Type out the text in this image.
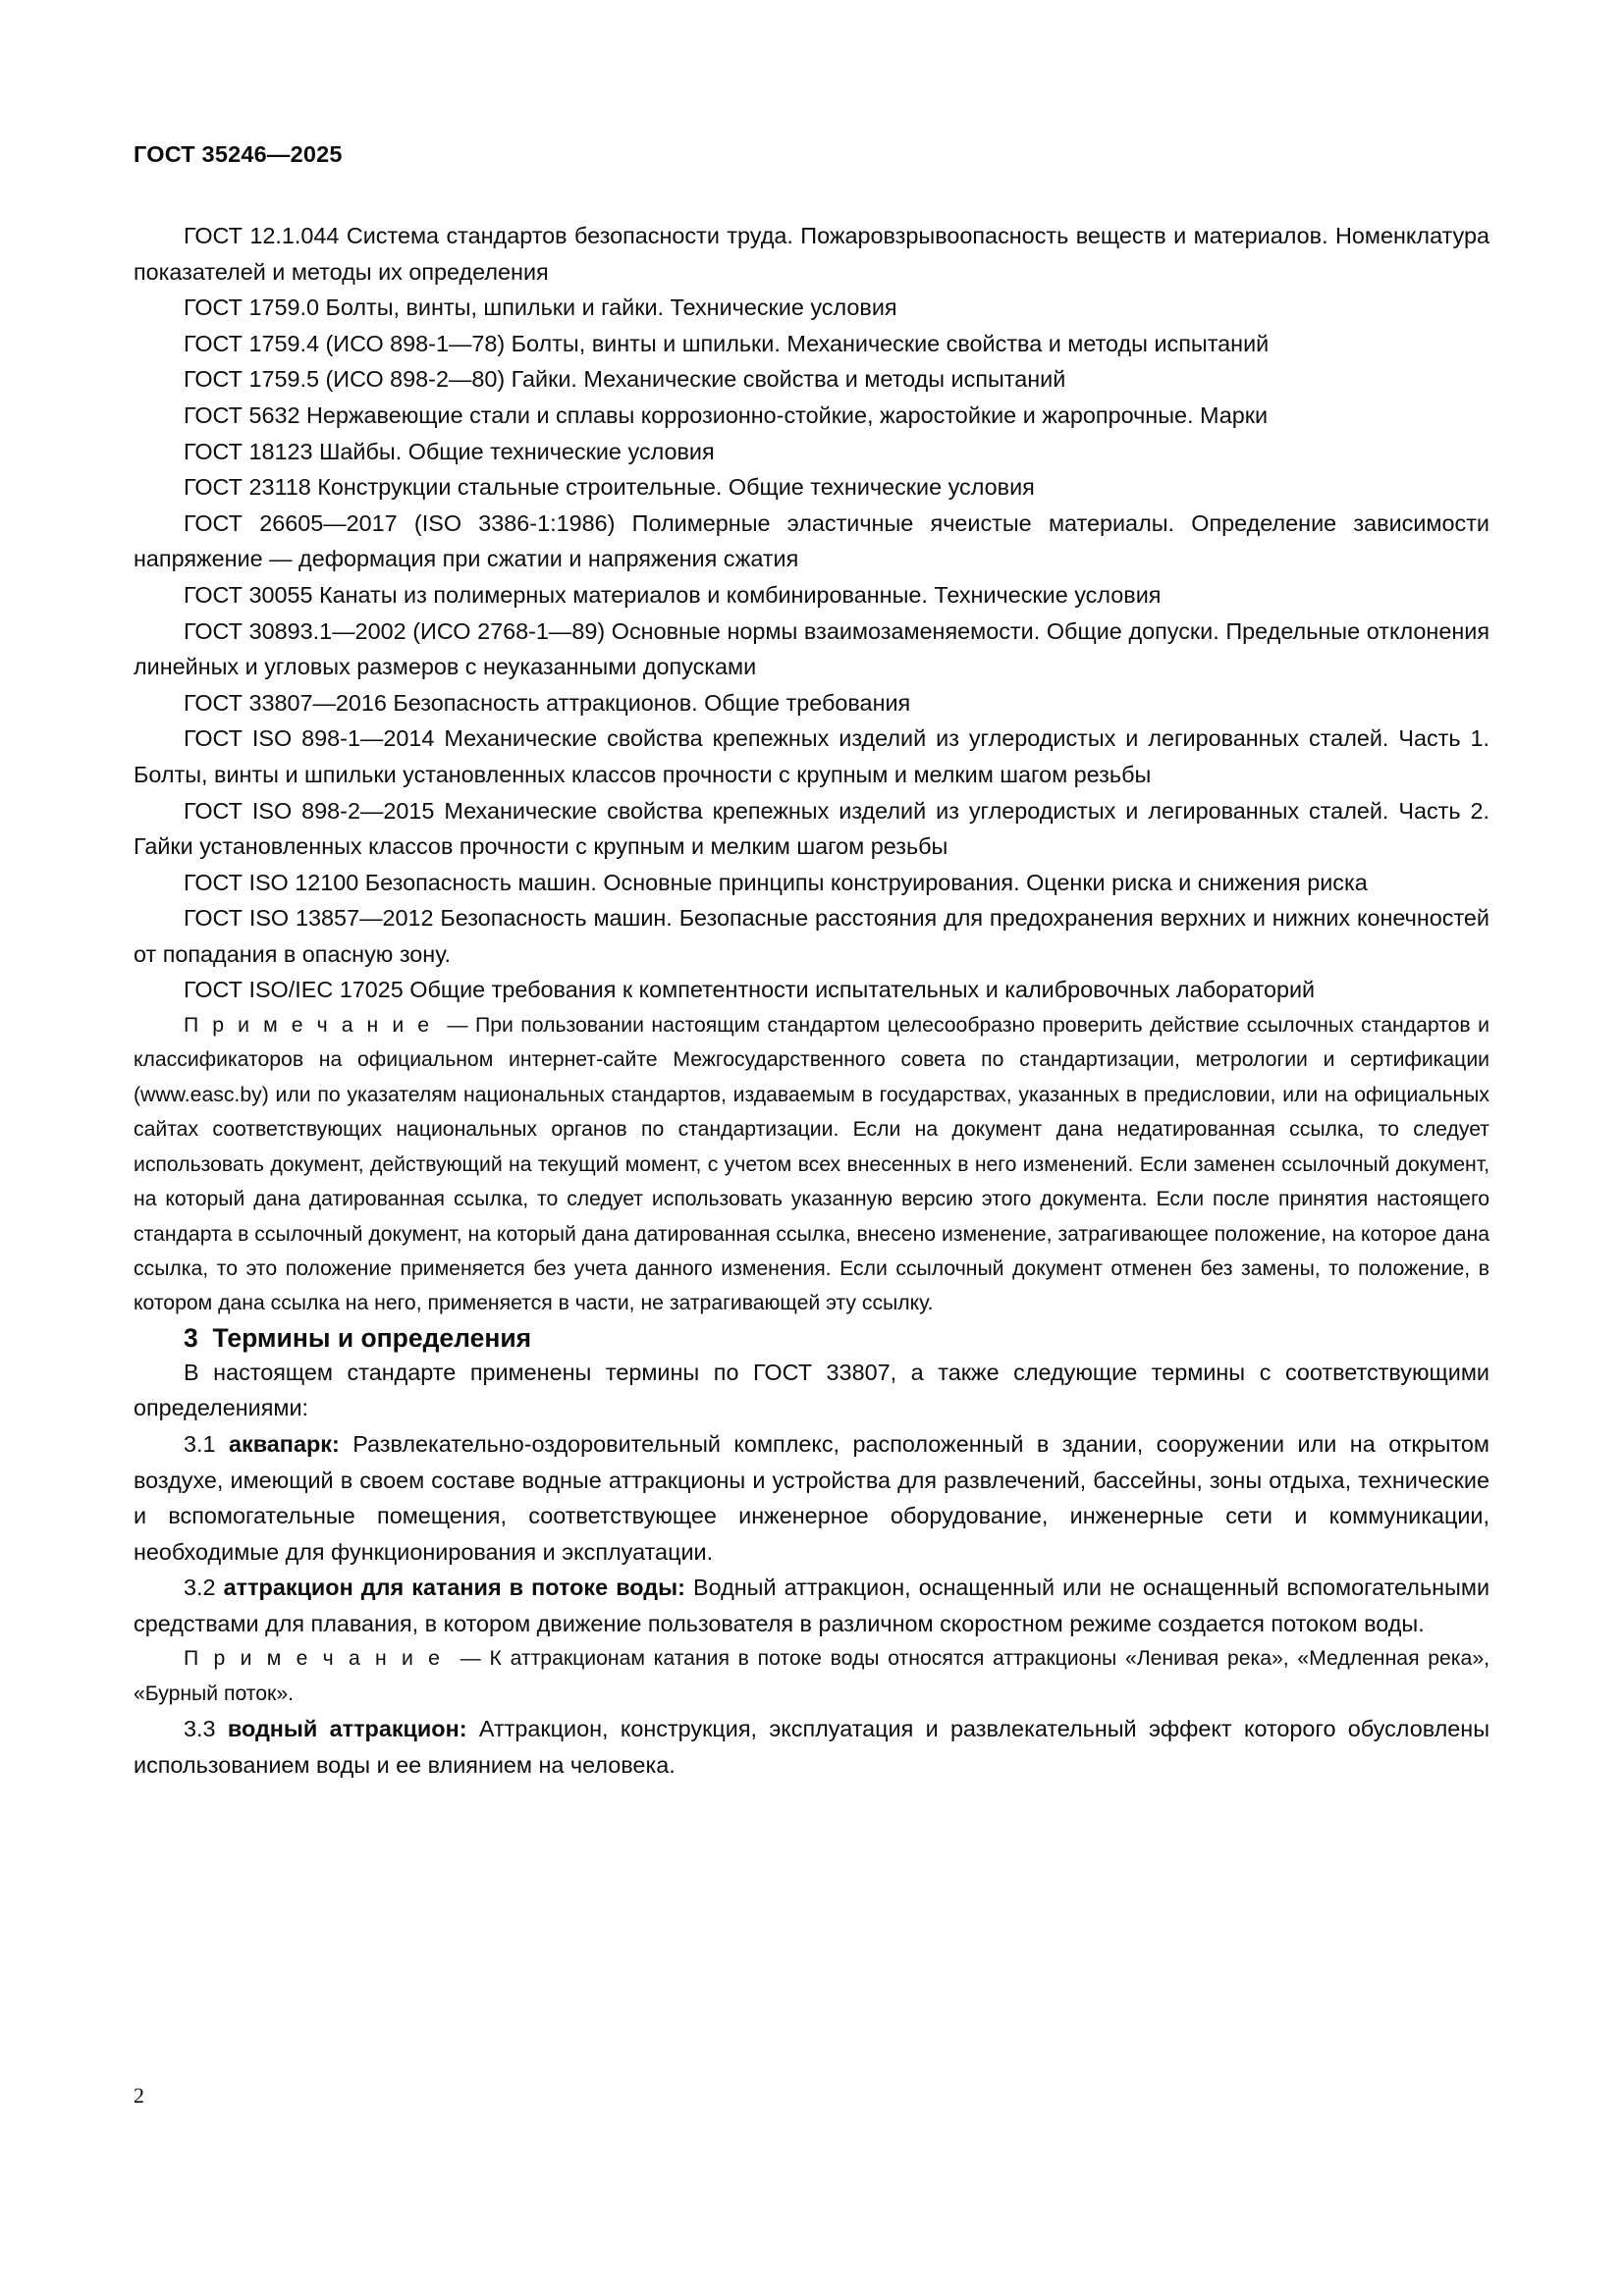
ГОСТ 35246—2025

ГОСТ 12.1.044 Система стандартов безопасности труда. Пожаровзрывоопасность веществ и материалов. Номенклатура показателей и методы их определения

ГОСТ 1759.0 Болты, винты, шпильки и гайки. Технические условия

ГОСТ 1759.4 (ИСО 898-1—78) Болты, винты и шпильки. Механические свойства и методы испытаний

ГОСТ 1759.5 (ИСО 898-2—80) Гайки. Механические свойства и методы испытаний

ГОСТ 5632 Нержавеющие стали и сплавы коррозионно-стойкие, жаростойкие и жаропрочные. Марки

ГОСТ 18123 Шайбы. Общие технические условия

ГОСТ 23118 Конструкции стальные строительные. Общие технические условия

ГОСТ 26605—2017 (ISO 3386-1:1986) Полимерные эластичные ячеистые материалы. Определение зависимости напряжение — деформация при сжатии и напряжения сжатия

ГОСТ 30055 Канаты из полимерных материалов и комбинированные. Технические условия

ГОСТ 30893.1—2002 (ИСО 2768-1—89) Основные нормы взаимозаменяемости. Общие допуски. Предельные отклонения линейных и угловых размеров с неуказанными допусками

ГОСТ 33807—2016 Безопасность аттракционов. Общие требования

ГОСТ ISO 898-1—2014 Механические свойства крепежных изделий из углеродистых и легированных сталей. Часть 1. Болты, винты и шпильки установленных классов прочности с крупным и мелким шагом резьбы

ГОСТ ISO 898-2—2015 Механические свойства крепежных изделий из углеродистых и легированных сталей. Часть 2. Гайки установленных классов прочности с крупным и мелким шагом резьбы

ГОСТ ISO 12100 Безопасность машин. Основные принципы конструирования. Оценки риска и снижения риска

ГОСТ ISO 13857—2012 Безопасность машин. Безопасные расстояния для предохранения верхних и нижних конечностей от попадания в опасную зону.

ГОСТ ISO/IEC 17025 Общие требования к компетентности испытательных и калибровочных лабораторий

П р и м е ч а н и е — При пользовании настоящим стандартом целесообразно проверить действие ссылочных стандартов и классификаторов на официальном интернет-сайте Межгосударственного совета по стандартизации, метрологии и сертификации (www.easc.by) или по указателям национальных стандартов, издаваемым в государствах, указанных в предисловии, или на официальных сайтах соответствующих национальных органов по стандартизации. Если на документ дана недатированная ссылка, то следует использовать документ, действующий на текущий момент, с учетом всех внесенных в него изменений. Если заменен ссылочный документ, на который дана датированная ссылка, то следует использовать указанную версию этого документа. Если после принятия настоящего стандарта в ссылочный документ, на который дана датированная ссылка, внесено изменение, затрагивающее положение, на которое дана ссылка, то это положение применяется без учета данного изменения. Если ссылочный документ отменен без замены, то положение, в котором дана ссылка на него, применяется в части, не затрагивающей эту ссылку.

3 Термины и определения

В настоящем стандарте применены термины по ГОСТ 33807, а также следующие термины с соответствующими определениями:

3.1 аквапарк: Развлекательно-оздоровительный комплекс, расположенный в здании, сооружении или на открытом воздухе, имеющий в своем составе водные аттракционы и устройства для развлечений, бассейны, зоны отдыха, технические и вспомогательные помещения, соответствующее инженерное оборудование, инженерные сети и коммуникации, необходимые для функционирования и эксплуатации.

3.2 аттракцион для катания в потоке воды: Водный аттракцион, оснащенный или не оснащенный вспомогательными средствами для плавания, в котором движение пользователя в различном скоростном режиме создается потоком воды.

П р и м е ч а н и е — К аттракционам катания в потоке воды относятся аттракционы «Ленивая река», «Медленная река», «Бурный поток».

3.3 водный аттракцион: Аттракцион, конструкция, эксплуатация и развлекательный эффект которого обусловлены использованием воды и ее влиянием на человека.

2
